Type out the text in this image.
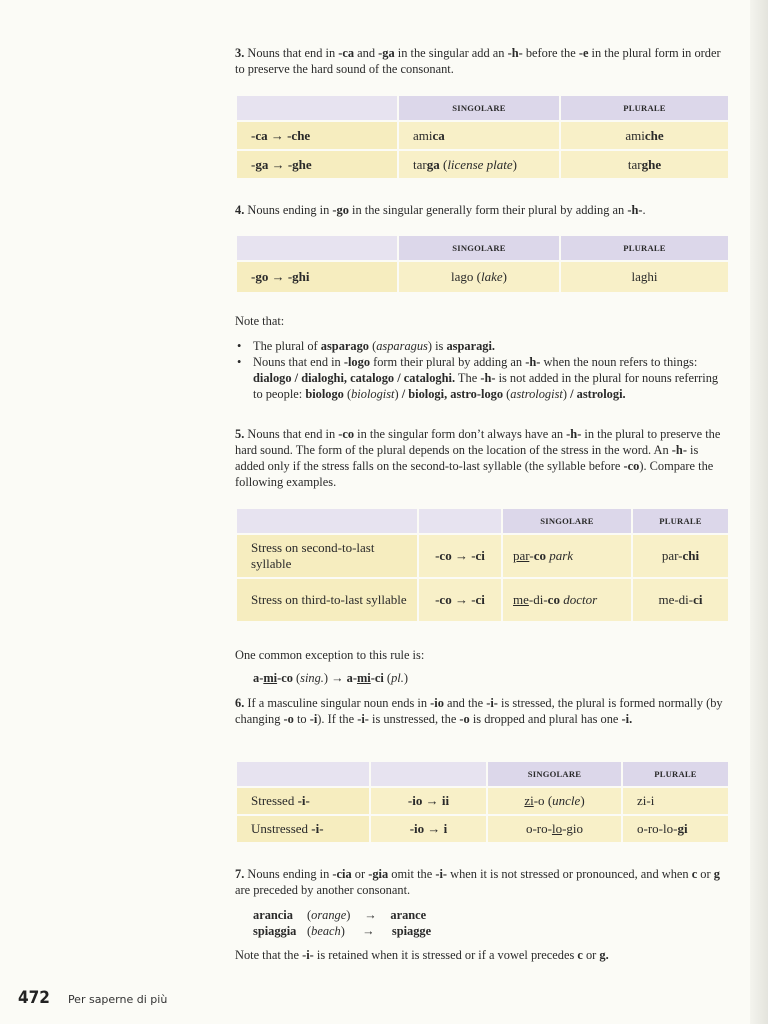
3. Nouns that end in -ca and -ga in the singular add an -h- before the -e in the plural form in order to preserve the hard sound of the consonant.

	SINGOLARE	PLURALE
-ca → -che	amica	amiche
-ga → -ghe	targa (license plate)	targhe

4. Nouns ending in -go in the singular generally form their plural by adding an -h-.

	SINGOLARE	PLURALE
-go → -ghi	lago (lake)	laghi

Note that:

• The plural of asparago (asparagus) is asparagi.
• Nouns that end in -logo form their plural by adding an -h- when the noun refers to things: dialogo / dialoghi, catalogo / cataloghi. The -h- is not added in the plural for nouns referring to people: biologo (biologist) / biologi, astro-logo (astrologist) / astrologi.

5. Nouns that end in -co in the singular form don’t always have an -h- in the plural to preserve the hard sound. The form of the plural depends on the location of the stress in the word. An -h- is added only if the stress falls on the second-to-last syllable (the syllable before -co). Compare the following examples.

		SINGOLARE	PLURALE
Stress on second-to-last syllable	-co → -ci	par-co park	par-chi
Stress on third-to-last syllable	-co → -ci	me-di-co doctor	me-di-ci

One common exception to this rule is:

a-mi-co (sing.) → a-mi-ci (pl.)

6. If a masculine singular noun ends in -io and the -i- is stressed, the plural is formed normally (by changing -o to -i). If the -i- is unstressed, the -o is dropped and plural has one -i.

		SINGOLARE	PLURALE
Stressed -i-	-io → ii	zi-o (uncle)	zi-i
Unstressed -i-	-io → i	o-ro-lo-gio	o-ro-lo-gi

7. Nouns ending in -cia or -gia omit the -i- when it is not stressed or pronounced, and when c or g are preceded by another consonant.

arancia (orange) → arance

spiaggia (beach) → spiagge

Note that the -i- is retained when it is stressed or if a vowel precedes c or g.

472 Per saperne di più
